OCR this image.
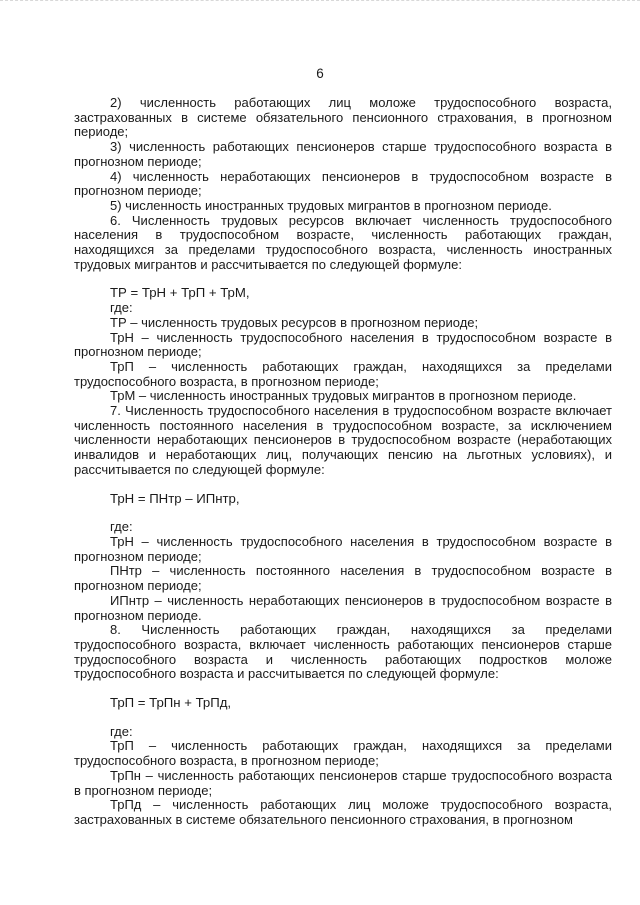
6

2) численность работающих лиц моложе трудоспособного возраста, застрахованных в системе обязательного пенсионного страхования, в прогнозном периоде;

3) численность работающих пенсионеров старше трудоспособного возраста в прогнозном периоде;

4) численность неработающих пенсионеров в трудоспособном возрасте в прогнозном периоде;

5) численность иностранных трудовых мигрантов в прогнозном периоде.

6. Численность трудовых ресурсов включает численность трудоспособного населения в трудоспособном возрасте, численность работающих граждан, находящихся за пределами трудоспособного возраста, численность иностранных трудовых мигрантов и рассчитывается по следующей формуле:

ТР = ТрН + ТрП + ТрМ,

где:

ТР – численность трудовых ресурсов в прогнозном периоде;

ТрН – численность трудоспособного населения в трудоспособном возрасте в прогнозном периоде;

ТрП – численность работающих граждан, находящихся за пределами трудоспособного возраста, в прогнозном периоде;

ТрМ – численность иностранных трудовых мигрантов в прогнозном периоде.

7. Численность трудоспособного населения в трудоспособном возрасте включает численность постоянного населения в трудоспособном возрасте, за исключением численности неработающих пенсионеров в трудоспособном возрасте (неработающих инвалидов и неработающих лиц, получающих пенсию на льготных условиях), и рассчитывается по следующей формуле:

ТрН = ПНтр – ИПнтр,

где:

ТрН – численность трудоспособного населения в трудоспособном возрасте в прогнозном периоде;

ПНтр – численность постоянного населения в трудоспособном возрасте в прогнозном периоде;

ИПнтр – численность неработающих пенсионеров в трудоспособном возрасте в прогнозном периоде.

8. Численность работающих граждан, находящихся за пределами трудоспособного возраста, включает численность работающих пенсионеров старше трудоспособного возраста и численность работающих подростков моложе трудоспособного возраста и рассчитывается по следующей формуле:

ТрП = ТрПн + ТрПд,

где:

ТрП – численность работающих граждан, находящихся за пределами трудоспособного возраста, в прогнозном периоде;

ТрПн – численность работающих пенсионеров старше трудоспособного возраста в прогнозном периоде;

ТрПд – численность работающих лиц моложе трудоспособного возраста, застрахованных в системе обязательного пенсионного страхования, в прогнозном
